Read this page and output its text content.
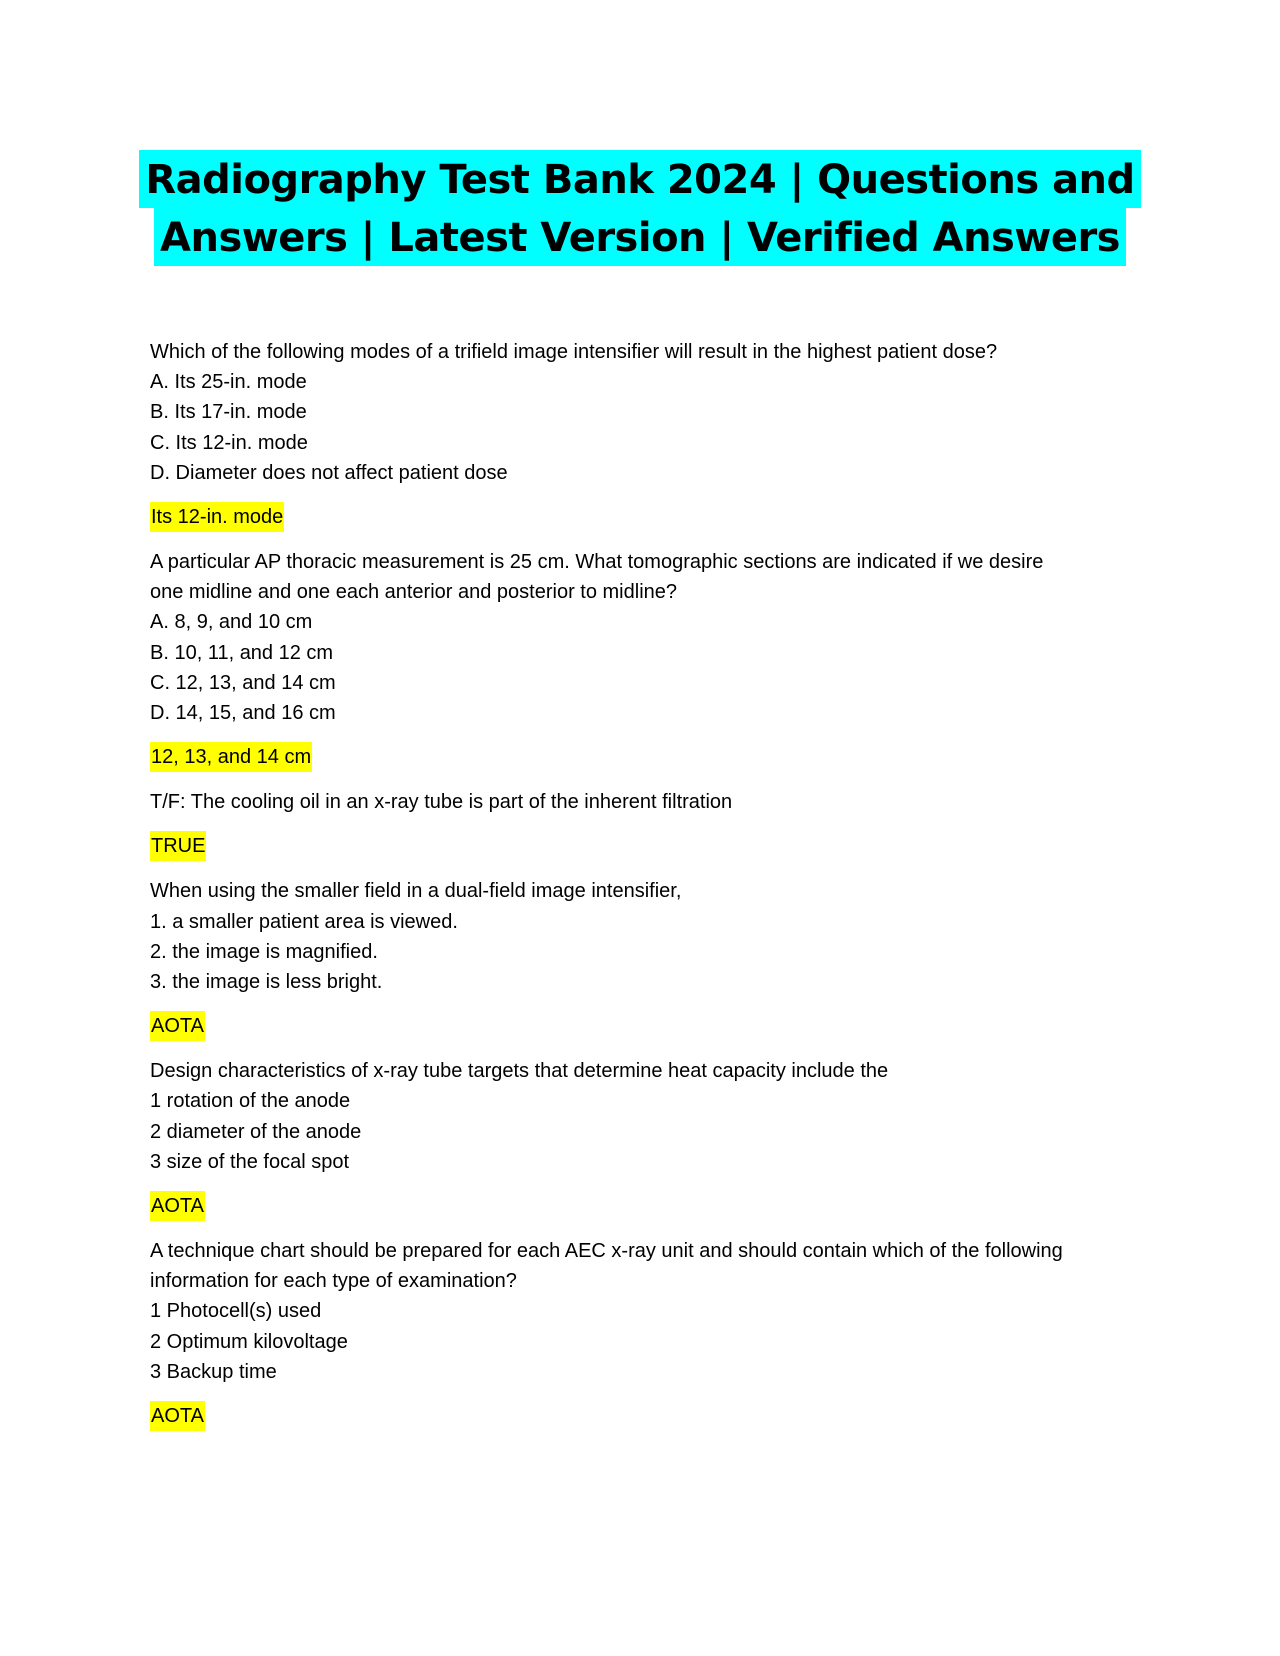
Radiography Test Bank 2024 | Questions and
Answers | Latest Version | Verified Answers
Which of the following modes of a trifield image intensifier will result in the highest patient dose?
A. Its 25-in. mode
B. Its 17-in. mode
C. Its 12-in. mode
D. Diameter does not affect patient dose
Its 12-in. mode
A particular AP thoracic measurement is 25 cm. What tomographic sections are indicated if we desire
one midline and one each anterior and posterior to midline?
A. 8, 9, and 10 cm
B. 10, 11, and 12 cm
C. 12, 13, and 14 cm
D. 14, 15, and 16 cm
12, 13, and 14 cm
T/F: The cooling oil in an x-ray tube is part of the inherent filtration
TRUE
When using the smaller field in a dual-field image intensifier,
1. a smaller patient area is viewed.
2. the image is magnified.
3. the image is less bright.
AOTA
Design characteristics of x-ray tube targets that determine heat capacity include the
1 rotation of the anode
2 diameter of the anode
3 size of the focal spot
AOTA
A technique chart should be prepared for each AEC x-ray unit and should contain which of the following
information for each type of examination?
1 Photocell(s) used
2 Optimum kilovoltage
3 Backup time
AOTA
